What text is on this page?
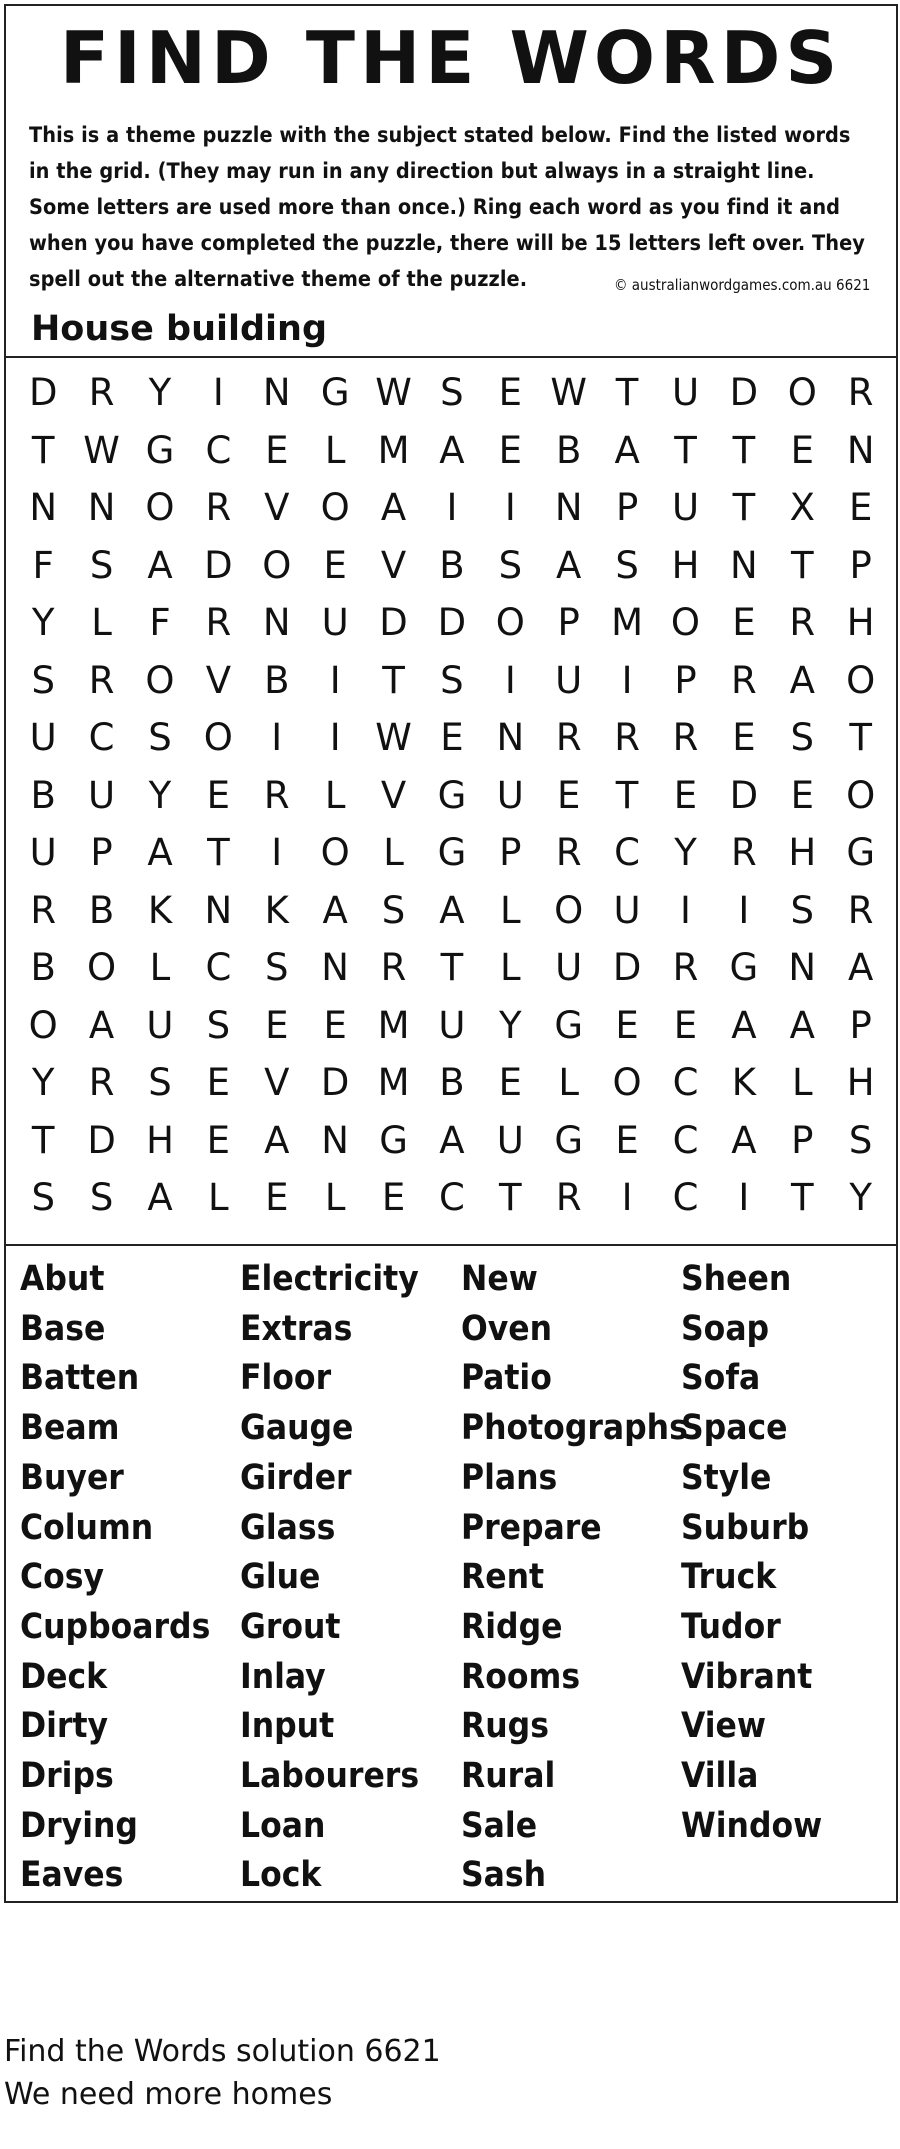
FIND THE WORDS
This is a theme puzzle with the subject stated below. Find the listed words
in the grid. (They may run in any direction but always in a straight line.
Some letters are used more than once.) Ring each word as you find it and
when you have completed the puzzle, there will be 15 letters left over. They
spell out the alternative theme of the puzzle.	© australianwordgames.com.au 6621
House building
D R Y	I	N G W S E W T U D O R
T W G C E L M A E B A T T E N
N N O R V O A	I	I	N P U T X E
F S A D O E V B S A S H N T P
Y L	F R N U D D O P M O E R H
S R O V B	I	T S	I	U	I	P R A O
U C S O	I	I W E N R R R E S T
B U Y E R L V G U E T E D E O
U P A T	I	O L G P R C Y R H G
R B K N K A S A L O U	I	I	S R
B O L C S N R T L U D R G N A
O A U S E E M U Y G E E A A P
Y R S E V D M B E L O C K L H
T D H E A N G A U G E C A P S
S S A L E L E C T R	I	C	I	T Y
Abut
Base
Batten
Beam
Buyer
Column
Cosy
Cupboards
Deck
Dirty
Drips
Drying
Eaves
Electricity
Extras
Floor
Gauge
Girder
Glass
Glue
Grout
Inlay
Input
Labourers
Loan
Lock
New
Oven
Patio
Photographs
Plans
Prepare
Rent
Ridge
Rooms
Rugs
Rural
Sale
Sash
Sheen
Soap
Sofa
Space
Style
Suburb
Truck
Tudor
Vibrant
View
Villa
Window
Find the Words solution 6621
We need more homes
